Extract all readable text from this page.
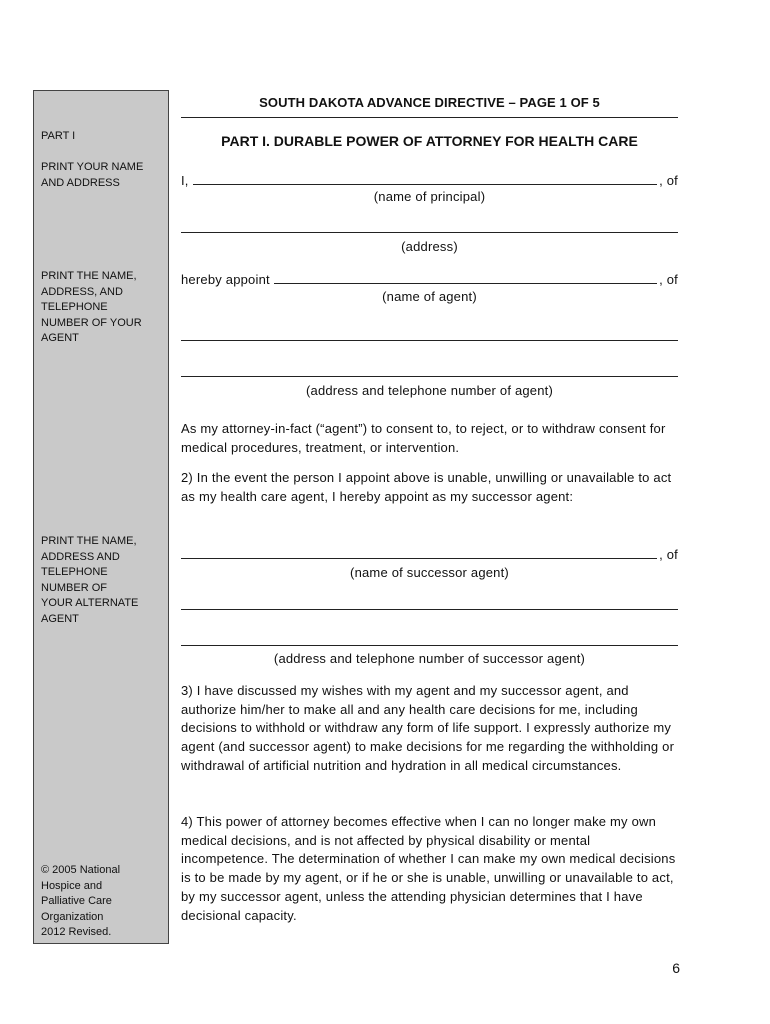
PART I
PRINT YOUR NAME
AND ADDRESS
PRINT THE NAME,
ADDRESS, AND
TELEPHONE
NUMBER OF YOUR
AGENT
PRINT THE NAME,
ADDRESS AND
TELEPHONE
NUMBER OF
YOUR ALTERNATE
AGENT
© 2005 National
Hospice and
Palliative Care
Organization
2012 Revised.
SOUTH DAKOTA ADVANCE DIRECTIVE – PAGE 1 OF 5
PART I. DURABLE POWER OF ATTORNEY FOR HEALTH CARE
I,	, of
(name of principal)
(address)
hereby appoint	, of
(name of agent)
(address and telephone number of agent)
As my attorney-in-fact (“agent”) to consent to, to reject, or to withdraw consent for medical procedures, treatment, or intervention.
2) In the event the person I appoint above is unable, unwilling or unavailable to act as my health care agent, I hereby appoint as my successor agent:
, of
(name of successor agent)
(address and telephone number of successor agent)
3) I have discussed my wishes with my agent and my successor agent, and authorize him/her to make all and any health care decisions for me, including decisions to withhold or withdraw any form of life support. I expressly authorize my agent (and successor agent) to make decisions for me regarding the withholding or withdrawal of artificial nutrition and hydration in all medical circumstances.
4) This power of attorney becomes effective when I can no longer make my own medical decisions, and is not affected by physical disability or mental incompetence. The determination of whether I can make my own medical decisions is to be made by my agent, or if he or she is unable, unwilling or unavailable to act, by my successor agent, unless the attending physician determines that I have decisional capacity.
6
